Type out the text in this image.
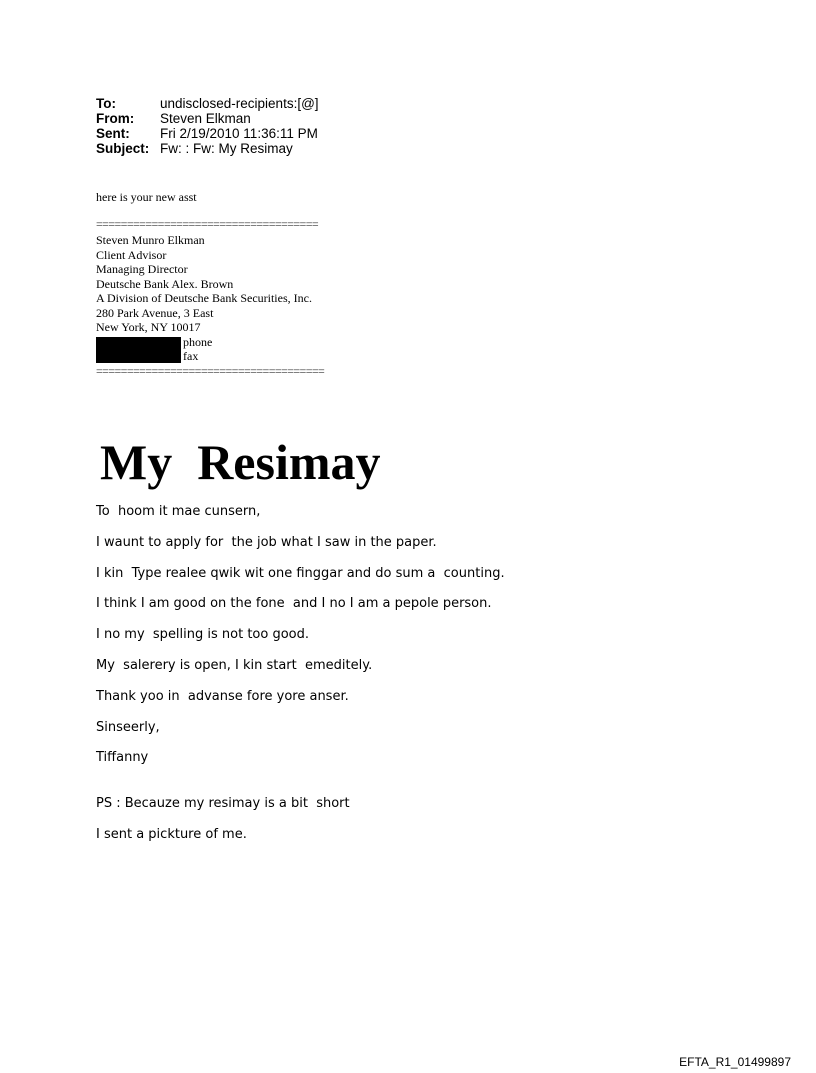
To:	undisclosed-recipients:[@]
From:	Steven Elkman
Sent:	Fri 2/19/2010 11:36:11 PM
Subject: Fw: : Fw: My Resimay
here is your new asst
====================================
Steven Munro Elkman
Client Advisor
Managing Director
Deutsche Bank Alex. Brown
A Division of Deutsche Bank Securities, Inc.
280 Park Avenue, 3 East
New York, NY 10017
- phone
- fax
=====================================
My  Resimay

To  hoom it mae cunsern,

I waunt to apply for  the job what I saw in the paper.

I kin  Type realee qwik wit one finggar and do sum a  counting.

I think I am good on the fone  and I no I am a pepole person.

I no my  spelling is not too good.

My  salerery is open, I kin start  emeditely.

Thank yoo in  advanse fore yore anser.

Sinseerly,

Tiffanny

PS : Becauze my resimay is a bit  short

I sent a pickture of me.

EFTA_R1_01499897
